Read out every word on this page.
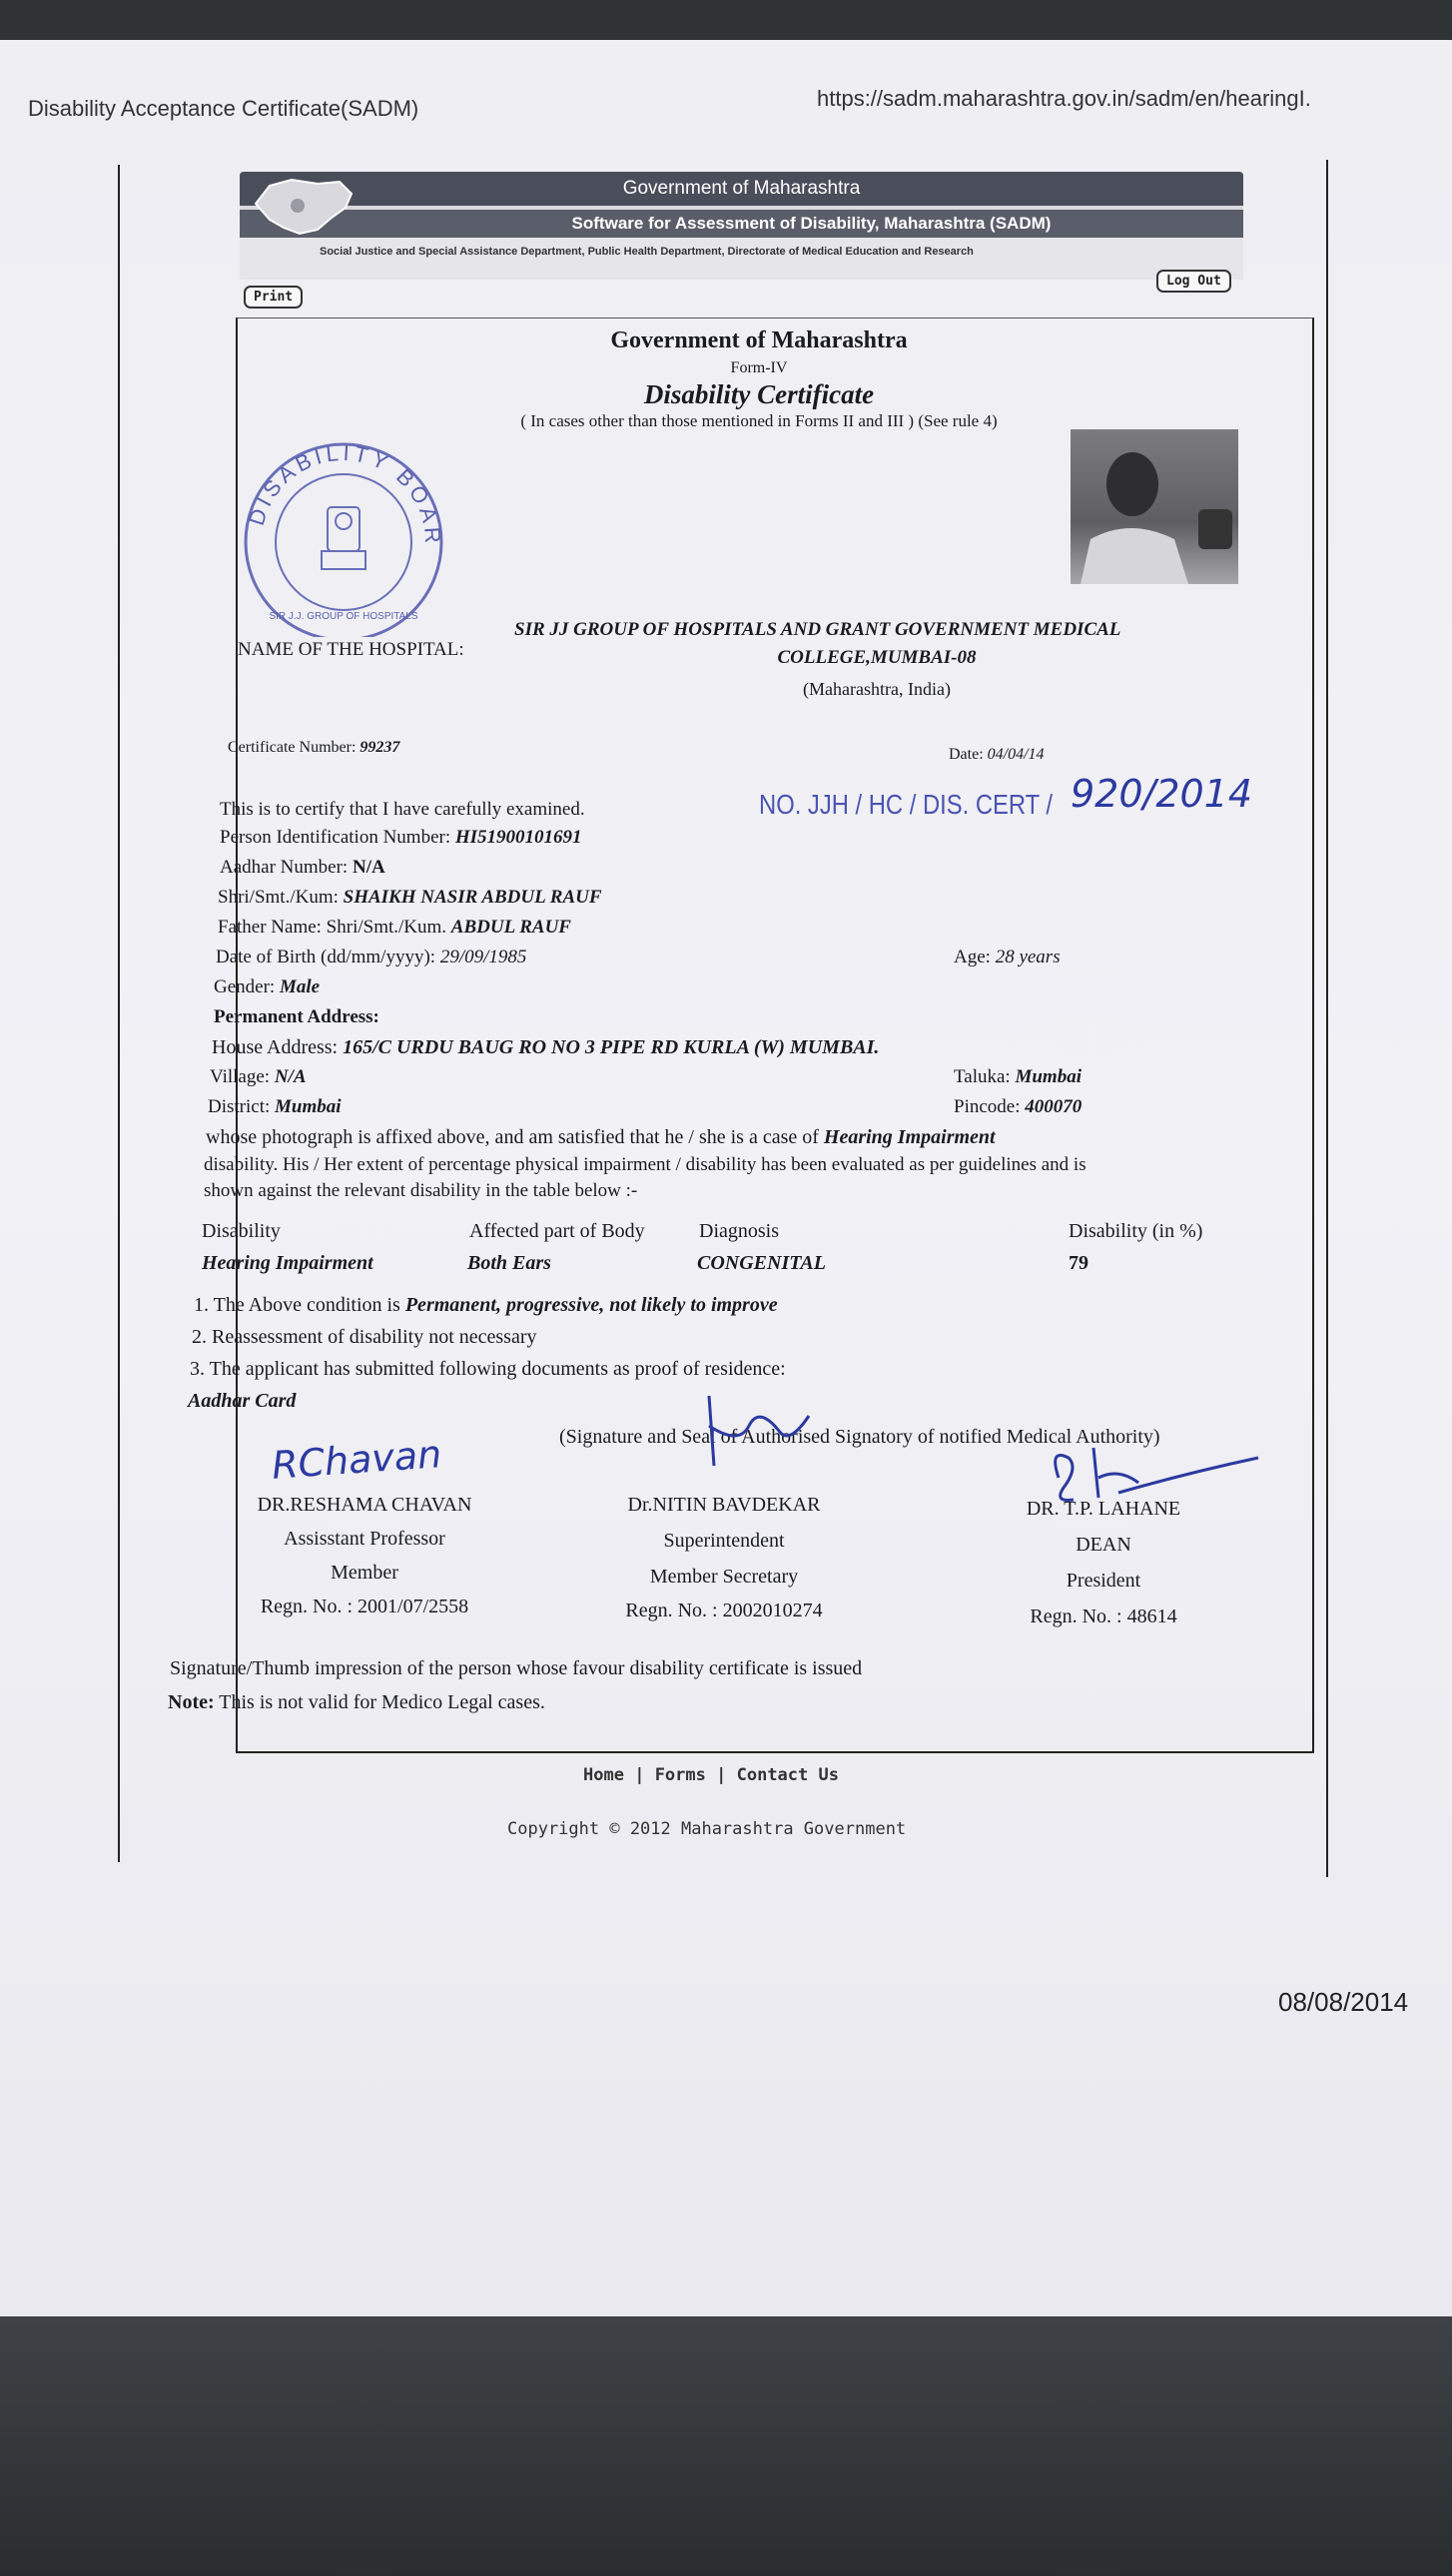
Disability Acceptance Certificate(SADM)	https://sadm.maharashtra.gov.in/sadm/en/hearingI.
08/08/2014
Government of Maharashtra
Software for Assessment of Disability, Maharashtra (SADM)
Social Justice and Special Assistance Department, Public Health Department, Directorate of Medical Education and Research
Print
Log Out
Government of Maharashtra
Form-IV
Disability Certificate
( In cases other than those mentioned in Forms II and III ) (See rule 4)
DISABILITY BOAR
SIR J.J. GROUP OF HOSPITALS
NAME OF THE HOSPITAL:
SIR JJ GROUP OF HOSPITALS AND GRANT GOVERNMENT MEDICAL
COLLEGE,MUMBAI-08
(Maharashtra, India)
Certificate Number: 99237	Date: 04/04/14
NO. JJH / HC / DIS. CERT / 920/2014
This is to certify that I have carefully examined.
Person Identification Number: HI51900101691
Aadhar Number: N/A
Shri/Smt./Kum: SHAIKH NASIR ABDUL RAUF
Father Name: Shri/Smt./Kum. ABDUL RAUF
Date of Birth (dd/mm/yyyy): 29/09/1985	Age: 28 years
Gender: Male
Permanent Address:
House Address: 165/C URDU BAUG RO NO 3 PIPE RD KURLA (W) MUMBAI.
Village: N/A	Taluka: Mumbai
District: Mumbai	Pincode: 400070
whose photograph is affixed above, and am satisfied that he / she is a case of Hearing Impairment
disability. His / Her extent of percentage physical impairment / disability has been evaluated as per guidelines and is
shown against the relevant disability in the table below :-
Disability	Affected part of Body	Diagnosis	Disability (in %)
Hearing Impairment	Both Ears	CONGENITAL	79
1. The Above condition is Permanent, progressive, not likely to improve
2. Reassessment of disability not necessary
3. The applicant has submitted following documents as proof of residence:
Aadhar Card
(Signature and Seal of Authorised Signatory of notified Medical Authority)
RChavan
DR.RESHAMA CHAVAN
Assisstant Professor
Member
Regn. No. : 2001/07/2558
Dr.NITIN BAVDEKAR
Superintendent
Member Secretary
Regn. No. : 2002010274
DR. T.P. LAHANE
DEAN
President
Regn. No. : 48614
Signature/Thumb impression of the person whose favour disability certificate is issued
Note: This is not valid for Medico Legal cases.
Home | Forms | Contact Us
Copyright © 2012 Maharashtra Government
